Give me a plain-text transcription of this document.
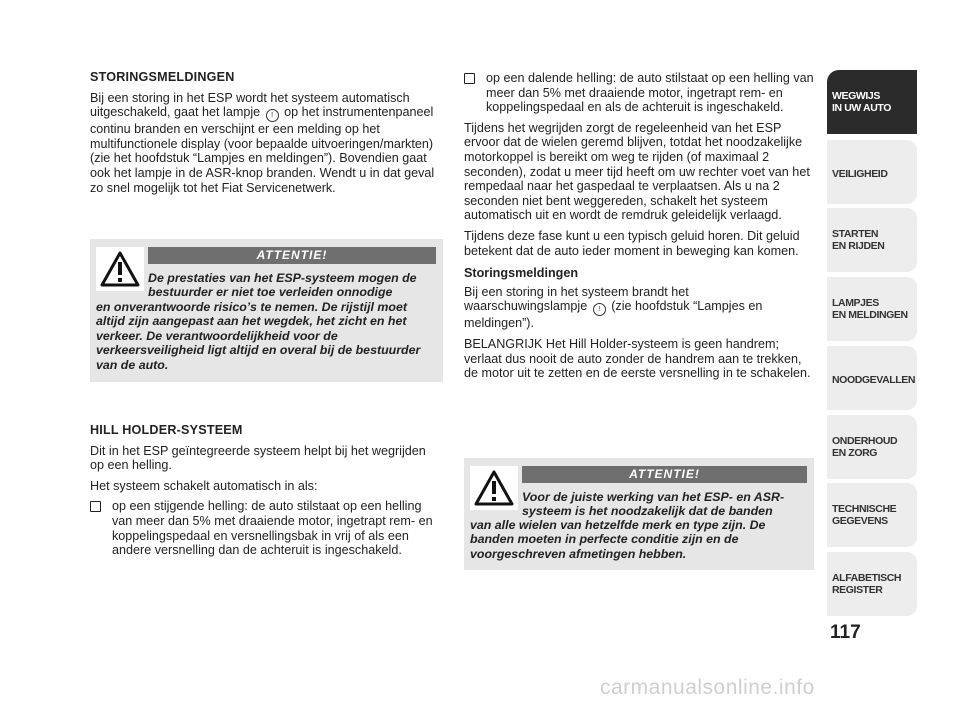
STORINGSMELDINGEN

Bij een storing in het ESP wordt het systeem automatisch uitgeschakeld, gaat het lampje ! op het instrumentenpaneel continu branden en verschijnt er een melding op het multifunctionele display (voor bepaalde uitvoeringen/markten) (zie het hoofdstuk “Lampjes en meldingen”). Bovendien gaat ook het lampje in de ASR-knop branden. Wendt u in dat geval zo snel mogelijk tot het Fiat Servicenetwerk.

ATTENTIE!
De prestaties van het ESP-systeem mogen de bestuurder er niet toe verleiden onnodige
en onverantwoorde risico’s te nemen. De rijstijl moet altijd zijn aangepast aan het wegdek, het zicht en het verkeer. De verantwoordelijkheid voor de verkeersveiligheid ligt altijd en overal bij de bestuurder van de auto.
HILL HOLDER-SYSTEEM

Dit in het ESP geïntegreerde systeem helpt bij het wegrijden op een helling.

Het systeem schakelt automatisch in als:

op een stijgende helling: de auto stilstaat op een helling van meer dan 5% met draaiende motor, ingetrapt rem- en koppelingspedaal en versnellingsbak in vrij of als een andere versnelling dan de achteruit is ingeschakeld.
op een dalende helling: de auto stilstaat op een helling van meer dan 5% met draaiende motor, ingetrapt rem- en koppelingspedaal en als de achteruit is ingeschakeld.

Tijdens het wegrijden zorgt de regeleenheid van het ESP ervoor dat de wielen geremd blijven, totdat het noodzakelijke motorkoppel is bereikt om weg te rijden (of maximaal 2 seconden), zodat u meer tijd heeft om uw rechter voet van het rempedaal naar het gaspedaal te verplaatsen. Als u na 2 seconden niet bent weggereden, schakelt het systeem automatisch uit en wordt de remdruk geleidelijk verlaagd.

Tijdens deze fase kunt u een typisch geluid horen. Dit geluid betekent dat de auto ieder moment in beweging kan komen.

Storingsmeldingen

Bij een storing in het systeem brandt het waarschuwingslampje ! (zie hoofdstuk “Lampjes en meldingen”).

BELANGRIJK Het Hill Holder-systeem is geen handrem; verlaat dus nooit de auto zonder de handrem aan te trekken, de motor uit te zetten en de eerste versnelling in te schakelen.

ATTENTIE!
Voor de juiste werking van het ESP- en ASR-systeem is het noodzakelijk dat de banden
van alle wielen van hetzelfde merk en type zijn. De banden moeten in perfecte conditie zijn en de voorgeschreven afmetingen hebben.
WEGWIJS
IN UW AUTO
VEILIGHEID
STARTEN
EN RIJDEN
LAMPJES
EN MELDINGEN
NOODGEVALLEN
ONDERHOUD
EN ZORG
TECHNISCHE
GEGEVENS
ALFABETISCH
REGISTER
117
carmanualsonline.info
